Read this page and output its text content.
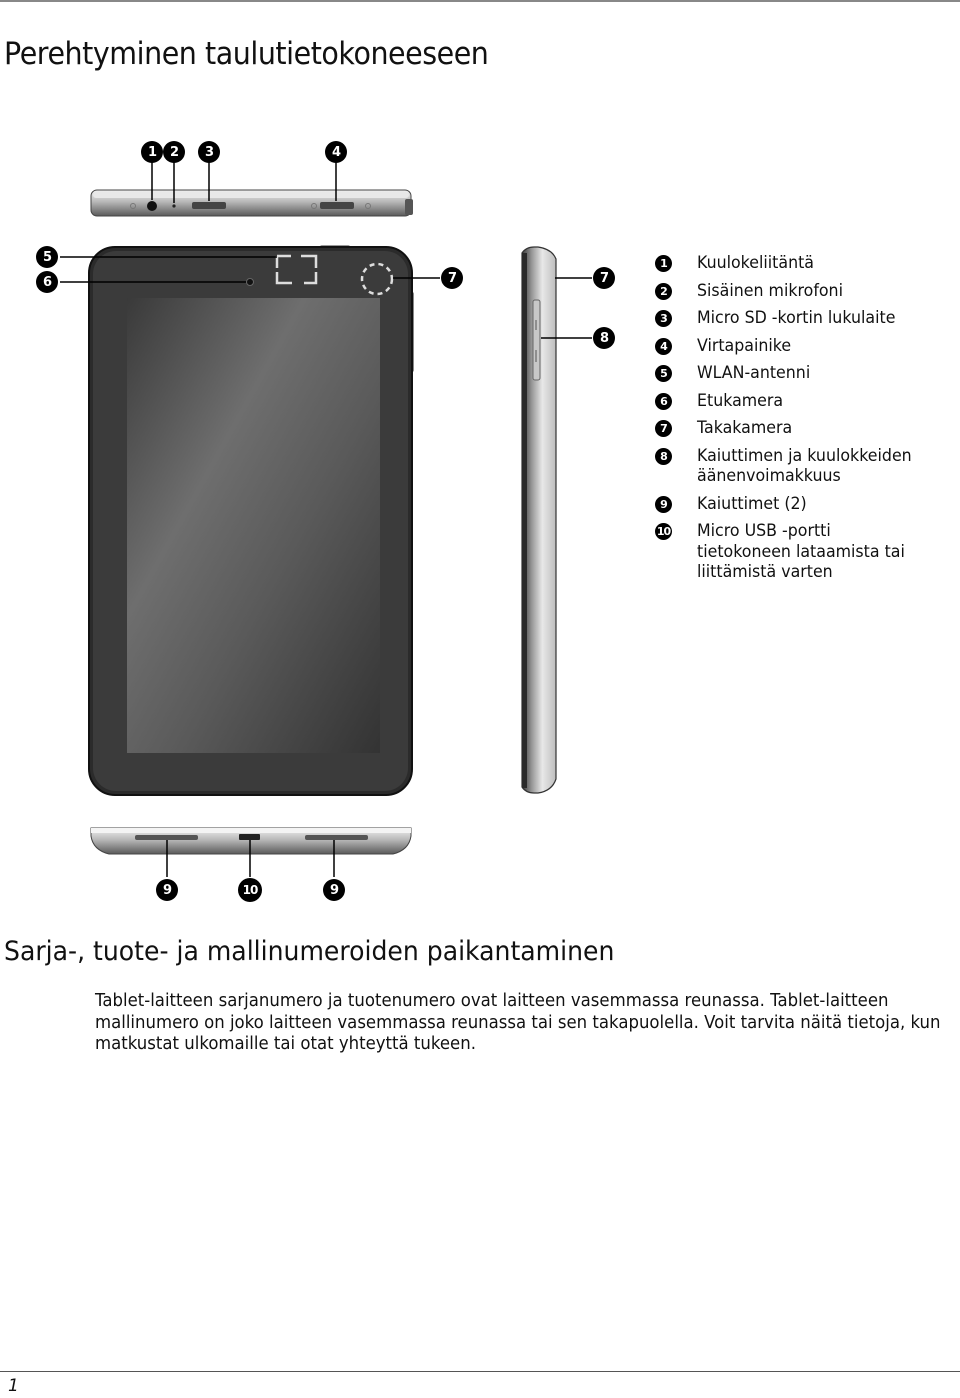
Perehtyminen taulutietokoneeseen
1	2	3	4
5
6	7	7
8
9	10	9
1	Kuulokeliitäntä
2	Sisäinen mikrofoni
3	Micro SD -kortin lukulaite
4	Virtapainike
5	WLAN-antenni
6	Etukamera
7	Takakamera
8	Kaiuttimen ja kuulokkeiden
äänenvoimakkuus
9	Kaiuttimet (2)
10 Micro USB -portti
tietokoneen lataamista tai
liittämistä varten
Sarja-, tuote- ja mallinumeroiden paikantaminen

Tablet-laitteen sarjanumero ja tuotenumero ovat laitteen vasemmassa reunassa. Tablet-laitteen mallinumero on joko laitteen vasemmassa reunassa tai sen takapuolella. Voit tarvita näitä tietoja, kun matkustat ulkomaille tai otat yhteyttä tukeen.

1
